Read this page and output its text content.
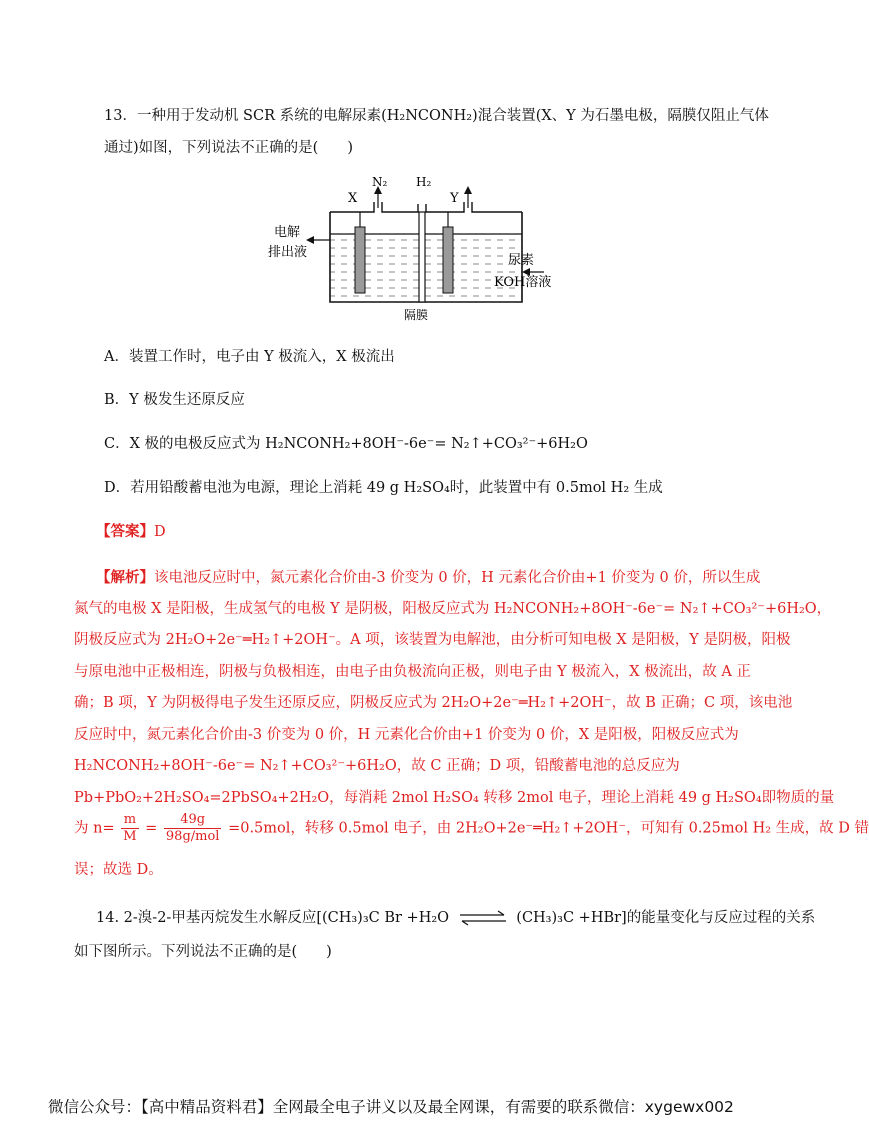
13．一种用于发动机 SCR 系统的电解尿素(H₂NCONH₂)混合装置(X、Y 为石墨电极，隔膜仅阻止气体
通过)如图，下列说法不正确的是(　　)
X
N₂ H₂
Y
电解
排出液
尿素
KOH溶液
隔膜
A．装置工作时，电子由 Y 极流入，X 极流出
B．Y 极发生还原反应
C．X 极的电极反应式为 H₂NCONH₂+8OH⁻-6e⁻= N₂↑+CO₃²⁻+6H₂O
D．若用铅酸蓄电池为电源，理论上消耗 49 g H₂SO₄时，此装置中有 0.5mol H₂ 生成
【答案】D
【解析】该电池反应时中，氮元素化合价由-3 价变为 0 价，H 元素化合价由+1 价变为 0 价，所以生成
氮气的电极 X 是阳极，生成氢气的电极 Y 是阴极，阳极反应式为 H₂NCONH₂+8OH⁻-6e⁻= N₂↑+CO₃²⁻+6H₂O，
阴极反应式为 2H₂O+2e⁻═H₂↑+2OH⁻。A 项，该装置为电解池，由分析可知电极 X 是阳极，Y 是阴极，阳极
与原电池中正极相连，阴极与负极相连，由电子由负极流向正极，则电子由 Y 极流入，X 极流出，故 A 正
确；B 项，Y 为阴极得电子发生还原反应，阴极反应式为 2H₂O+2e⁻═H₂↑+2OH⁻，故 B 正确；C 项，该电池
反应时中，氮元素化合价由-3 价变为 0 价，H 元素化合价由+1 价变为 0 价，X 是阳极，阳极反应式为
H₂NCONH₂+8OH⁻-6e⁻= N₂↑+CO₃²⁻+6H₂O，故 C 正确；D 项，铅酸蓄电池的总反应为
Pb+PbO₂+2H₂SO₄=2PbSO₄+2H₂O，每消耗 2mol H₂SO₄ 转移 2mol 电子，理论上消耗 49 g H₂SO₄即物质的量
为 $n= \frac{m}{M} = \frac{49g}{\text{98g/mol}} =0.5mol$，转移 0.5mol 电子，由 2H₂O+2e⁻═H₂↑+2OH⁻，可知有 0.25mol H₂ 生成，故 D 错
误；故选 D。
14. 2-溴-2-甲基丙烷发生水解反应[(CH₃)₃C Br +H₂O ⇌ (CH₃)₃C +HBr]的能量变化与反应过程的关系
如下图所示。下列说法不正确的是(　　)
微信公众号：【高中精品资料君】全网最全电子讲义以及最全网课，有需要的联系微信：xygewx002
